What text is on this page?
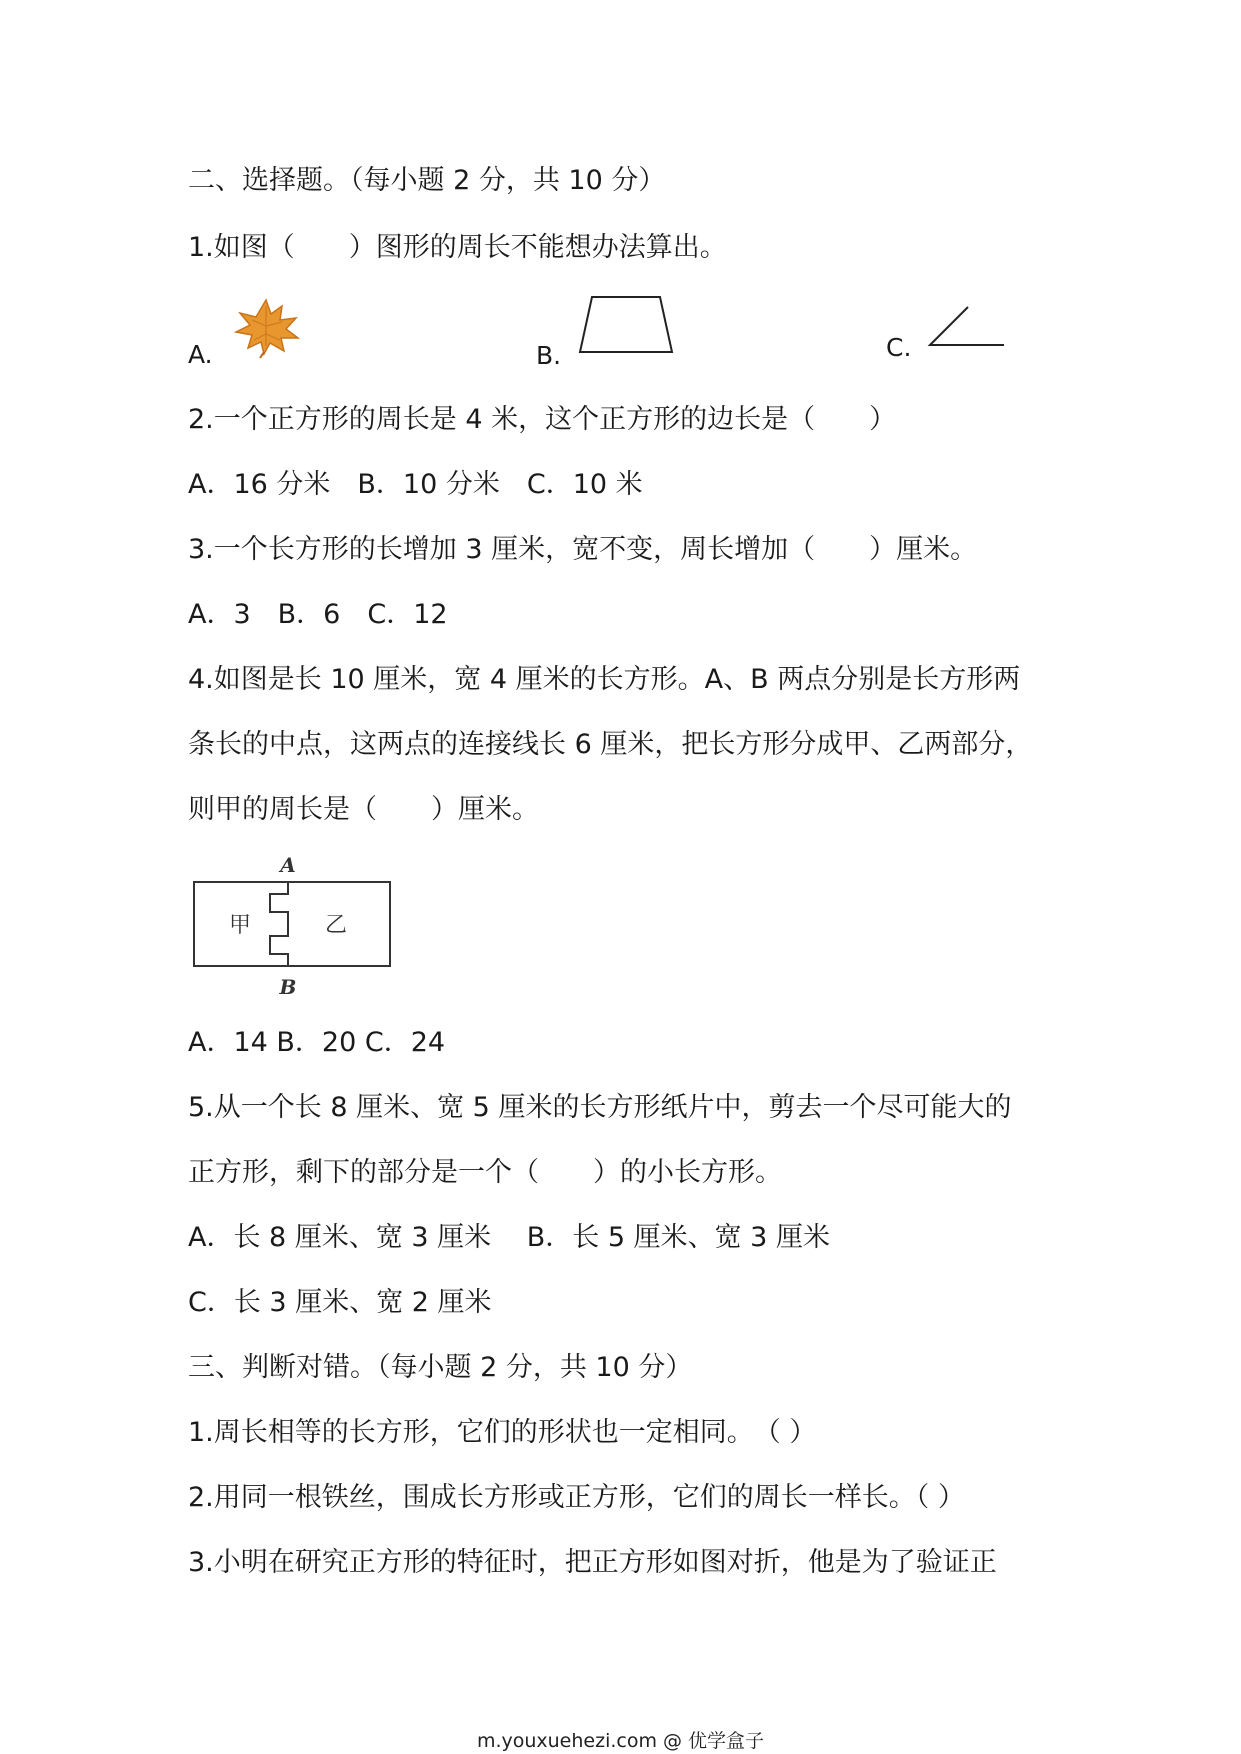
二、选择题。（每小题 2 分，共 10 分）
1.如图（　　）图形的周长不能想办法算出。
A.	B.	C.
2.一个正方形的周长是 4 米，这个正方形的边长是（　　）
A．16 分米　B．10 分米　C．10 米
3.一个长方形的长增加 3 厘米，宽不变，周长增加（　　）厘米。
A．3　B．6　C．12
4.如图是长 10 厘米，宽 4 厘米的长方形。A、B 两点分别是长方形两
条长的中点，这两点的连接线长 6 厘米，把长方形分成甲、乙两部分，
则甲的周长是（　　）厘米。
A
B
甲	乙
A．14 B．20 C．24
5.从一个长 8 厘米、宽 5 厘米的长方形纸片中，剪去一个尽可能大的
正方形，剩下的部分是一个（　　）的小长方形。
A．长 8 厘米、宽 3 厘米　 B．长 5 厘米、宽 3 厘米
C．长 3 厘米、宽 2 厘米
三、判断对错。（每小题 2 分，共 10 分）
1.周长相等的长方形，它们的形状也一定相同。　（ ）
2.用同一根铁丝，围成长方形或正方形，它们的周长一样长。（ ）
3.小明在研究正方形的特征时，把正方形如图对折，他是为了验证正
m.youxuehezi.com @ 优学盒子
